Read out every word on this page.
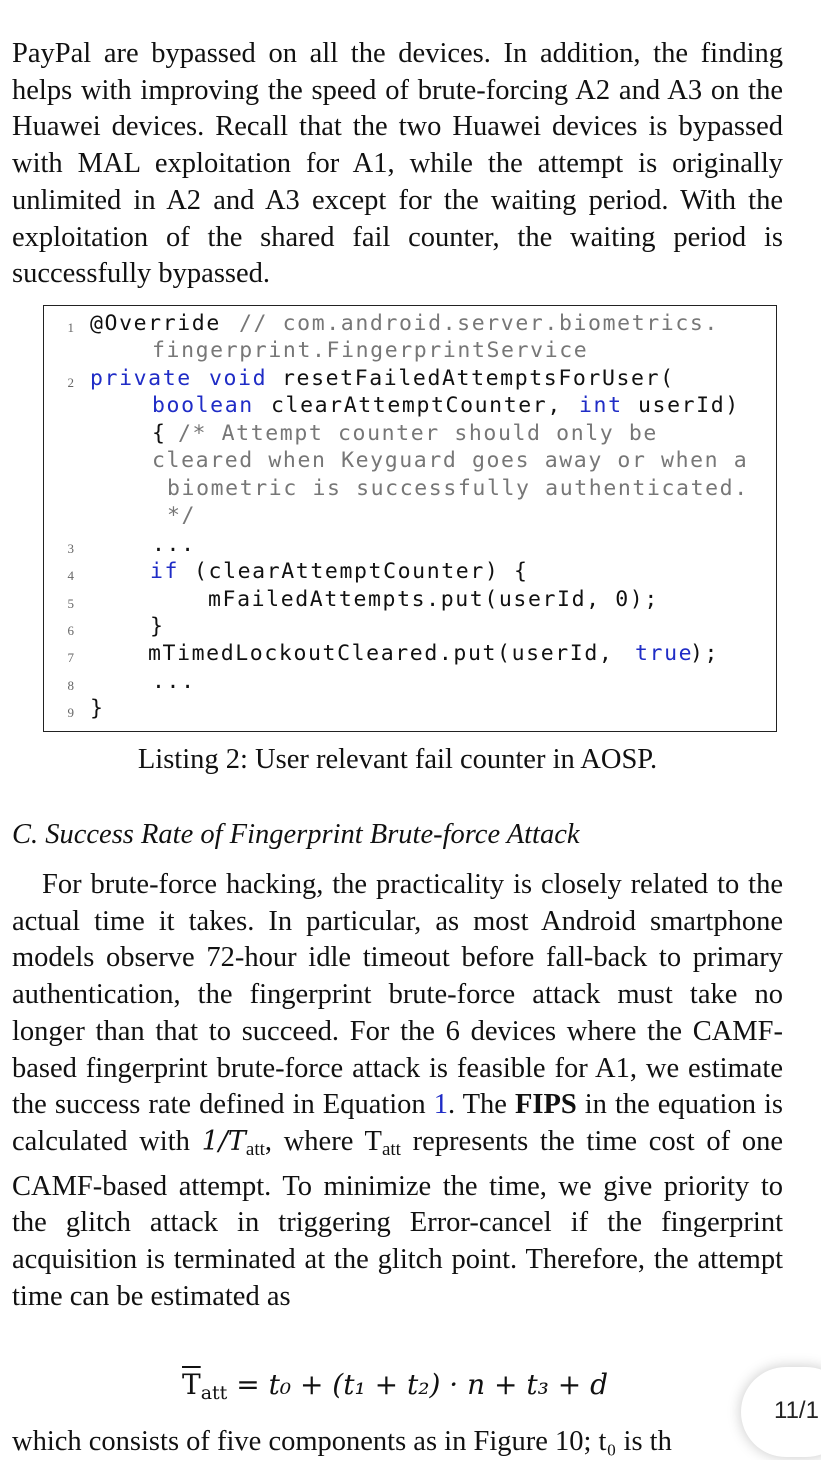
PayPal are bypassed on all the devices. In addition, the finding helps with improving the speed of brute-forcing A2 and A3 on the Huawei devices. Recall that the two Huawei devices is bypassed with MAL exploitation for A1, while the attempt is originally unlimited in A2 and A3 except for the waiting period. With the exploitation of the shared fail counter, the waiting period is successfully bypassed.

1 @Override // com.android.server.biometrics.
fingerprint.FingerprintService
2 private void resetFailedAttemptsForUser(
boolean clearAttemptCounter, int userId)
{ /* Attempt counter should only be
cleared when Keyguard goes away or when a
biometric is successfully authenticated.
*/
3	...
4	if (clearAttemptCounter) {
5	mFailedAttempts.put(userId, 0);
6	}
7	mTimedLockoutCleared.put(userId, true
);
8	...
9 }
Listing 2: User relevant fail counter in AOSP.
C. Success Rate of Fingerprint Brute-force Attack

For brute-force hacking, the practicality is closely related to the actual time it takes. In particular, as most Android smartphone models observe 72-hour idle timeout before fall-back to primary authentication, the fingerprint brute-force attack must take no longer than that to succeed. For the 6 devices where the CAMF-based fingerprint brute-force attack is feasible for A1, we estimate the success rate defined in Equation 1. The FIPS in the equation is calculated with $1/T_{att}$, where $T_{att}$ represents the time cost of one CAMF-based attempt. To minimize the time, we give priority to the glitch attack in triggering Error-cancel if the fingerprint acquisition is terminated at the glitch point. Therefore, the attempt time can be estimated as

$\overline{T}_{att} = t_0 + (t_1 + t_2) \cdot n + t_3 + d$
which consists of five components as in Figure 10; t₀ is th
11/1
